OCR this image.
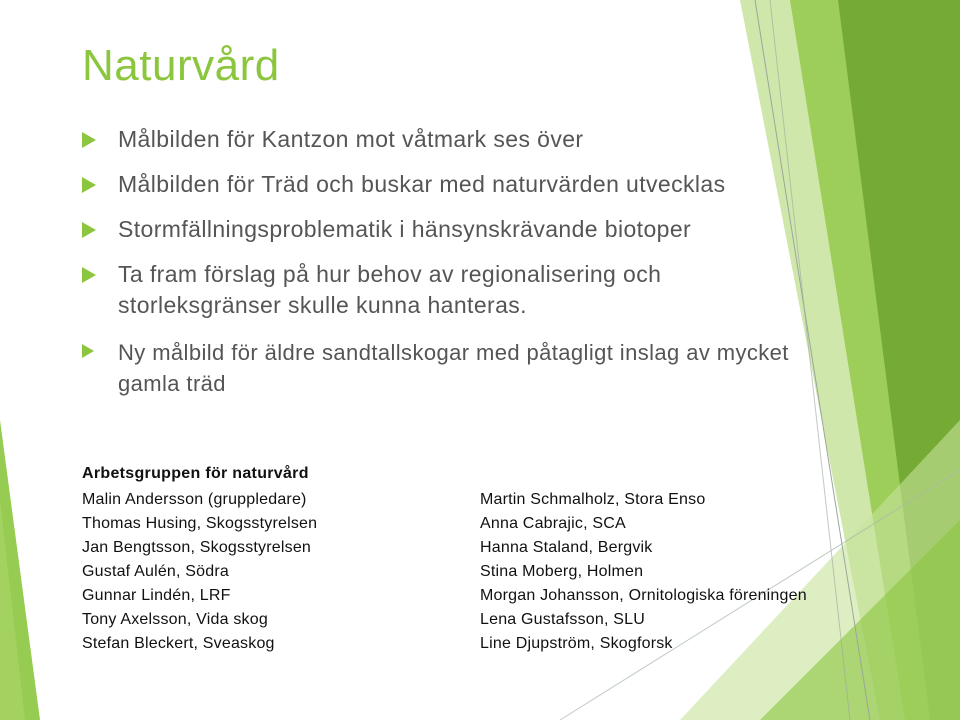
Naturvård
Målbilden för Kantzon mot våtmark ses över
Målbilden för Träd och buskar med naturvärden utvecklas
Stormfällningsproblematik i hänsynskrävande biotoper
Ta fram förslag på hur behov av regionalisering och storleksgränser skulle kunna hanteras.
Ny målbild för äldre sandtallskogar med påtagligt inslag av mycket gamla träd
Arbetsgruppen för naturvård
Malin Andersson (gruppledare)
Thomas Husing, Skogsstyrelsen
Jan Bengtsson, Skogsstyrelsen
Gustaf Aulén, Södra
Gunnar Lindén, LRF
Tony Axelsson, Vida skog
Stefan Bleckert, Sveaskog
Martin Schmalholz, Stora Enso
Anna Cabrajic, SCA
Hanna Staland, Bergvik
Stina Moberg, Holmen
Morgan Johansson, Ornitologiska föreningen
Lena Gustafsson, SLU
Line Djupström, Skogforsk
